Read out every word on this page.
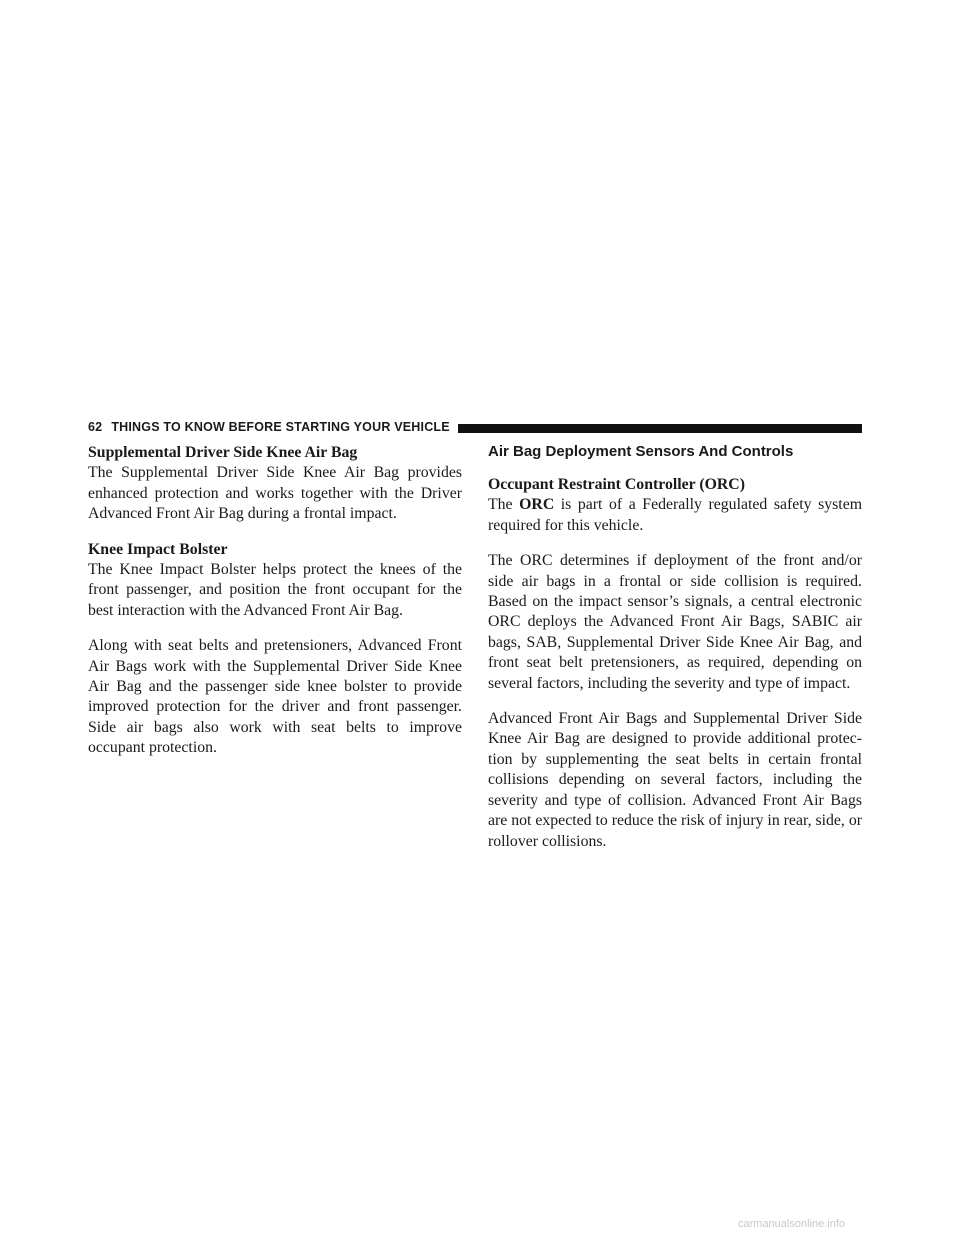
62 THINGS TO KNOW BEFORE STARTING YOUR VEHICLE
Supplemental Driver Side Knee Air Bag

The Supplemental Driver Side Knee Air Bag provides enhanced protection and works together with the Driver Advanced Front Air Bag during a frontal impact.

Knee Impact Bolster

The Knee Impact Bolster helps protect the knees of the front passenger, and position the front occupant for the best interaction with the Advanced Front Air Bag.

Along with seat belts and pretensioners, Advanced Front Air Bags work with the Supplemental Driver Side Knee Air Bag and the passenger side knee bolster to provide improved protection for the driver and front passenger. Side air bags also work with seat belts to improve occupant protection.

Air Bag Deployment Sensors And Controls
Occupant Restraint Controller (ORC)

The ORC is part of a Federally regulated safety system required for this vehicle.

The ORC determines if deployment of the front and/or side air bags in a frontal or side collision is required. Based on the impact sensor’s signals, a central electronic ORC deploys the Advanced Front Air Bags, SABIC air bags, SAB, Supplemental Driver Side Knee Air Bag, and front seat belt pretensioners, as required, depending on several factors, including the severity and type of impact.

Advanced Front Air Bags and Supplemental Driver Side Knee Air Bag are designed to provide additional protec- tion by supplementing the seat belts in certain frontal collisions depending on several factors, including the severity and type of collision. Advanced Front Air Bags are not expected to reduce the risk of injury in rear, side, or rollover collisions.

carmanualsonline.info
